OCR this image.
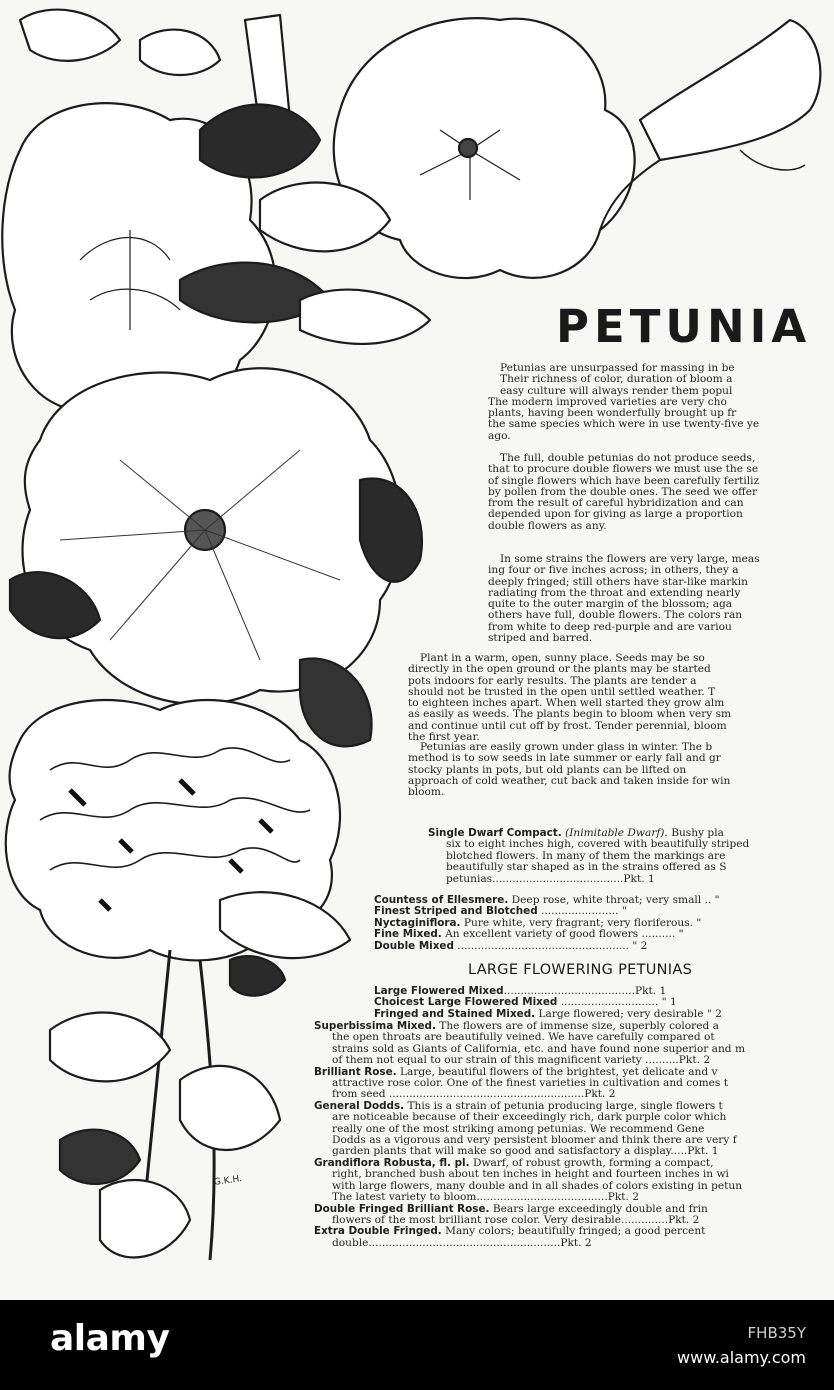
G.K.H.
PETUNIA
Petunias are unsurpassed for massing in be
Their richness of color, duration of bloom a
easy culture will always render them popul
The modern improved varieties are very cho
plants, having been wonderfully brought up fr
the same species which were in use twenty-five ye
ago.
The full, double petunias do not produce seeds,
that to procure double flowers we must use the se
of single flowers which have been carefully fertiliz
by pollen from the double ones. The seed we offer
from the result of careful hybridization and can
depended upon for giving as large a proportion
double flowers as any.
In some strains the flowers are very large, meas
ing four or five inches across; in others, they a
deeply fringed; still others have star-like markin
radiating from the throat and extending nearly
quite to the outer margin of the blossom; aga
others have full, double flowers. The colors ran
from white to deep red-purple and are variou
striped and barred.
Plant in a warm, open, sunny place. Seeds may be so
directly in the open ground or the plants may be started
pots indoors for early results. The plants are tender a
should not be trusted in the open until settled weather. T
to eighteen inches apart. When well started they grow alm
as easily as weeds. The plants begin to bloom when very sm
and continue until cut off by frost. Tender perennial, bloom
the first year.
Petunias are easily grown under glass in winter. The b
method is to sow seeds in late summer or early fall and gr
stocky plants in pots, but old plants can be lifted on
approach of cold weather, cut back and taken inside for win
bloom.
Single Dwarf Compact. (Inimitable Dwarf). Bushy pla
six to eight inches high, covered with beautifully striped
blotched flowers. In many of them the markings are
beautifully star shaped as in the strains offered as S
petunias.......................................Pkt. 1
Countess of Ellesmere. Deep rose, white throat; very small .. "
Finest Striped and Blotched ....................... "
Nyctaginiflora. Pure white, very fragrant; very floriferous. "
Fine Mixed. An excellent variety of good flowers .......... "
Double Mixed ................................................... " 2
LARGE FLOWERING PETUNIAS
Large Flowered Mixed.......................................Pkt. 1
Choicest Large Flowered Mixed ............................. " 1
Fringed and Stained Mixed. Large flowered; very desirable " 2
Superbissima Mixed. The flowers are of immense size, superbly colored a
the open throats are beautifully veined. We have carefully compared ot
strains sold as Giants of California, etc. and have found none superior and m
of them not equal to our strain of this magnificent variety ..........Pkt. 2
Brilliant Rose. Large, beautiful flowers of the brightest, yet delicate and v
attractive rose color. One of the finest varieties in cultivation and comes t
from seed ..........................................................Pkt. 2
General Dodds. This is a strain of petunia producing large, single flowers t
are noticeable because of their exceedingly rich, dark purple color which
really one of the most striking among petunias. We recommend Gene
Dodds as a vigorous and very persistent bloomer and think there are very f
garden plants that will make so good and satisfactory a display.....Pkt. 1
Grandiflora Robusta, fl. pl. Dwarf, of robust growth, forming a compact,
right, branched bush about ten inches in height and fourteen inches in wi
with large flowers, many double and in all shades of colors existing in petun
The latest variety to bloom.......................................Pkt. 2
Double Fringed Brilliant Rose. Bears large exceedingly double and frin
flowers of the most brilliant rose color. Very desirable..............Pkt. 2
Extra Double Fringed. Many colors; beautifully fringed; a good percent
double.........................................................Pkt. 2
alamy	FHB35Y
www.alamy.com
